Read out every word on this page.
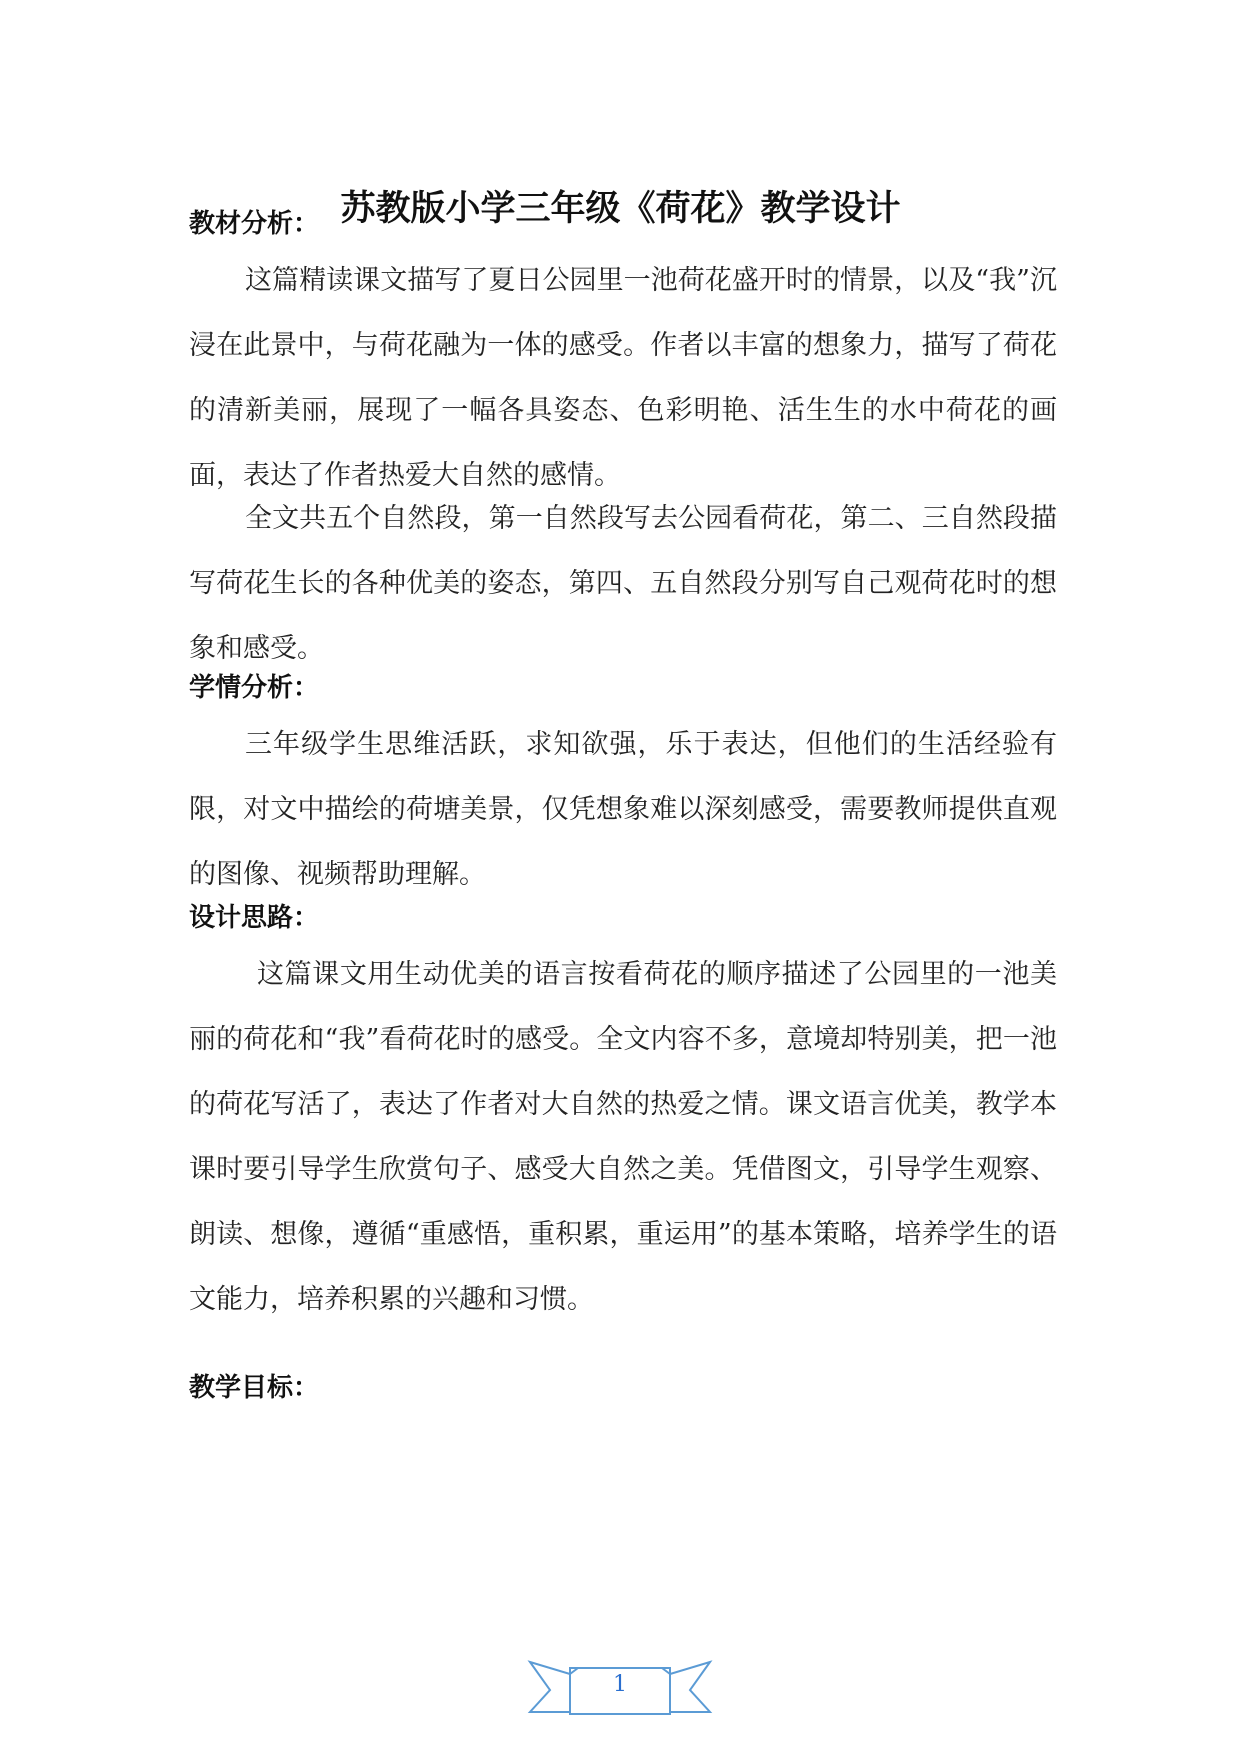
苏教版小学三年级《荷花》教学设计
教材分析：

这篇精读课文描写了夏日公园里一池荷花盛开时的情景，以及“我”沉浸在此景中，与荷花融为一体的感受。作者以丰富的想象力，描写了荷花的清新美丽，展现了一幅各具姿态、色彩明艳、活生生的水中荷花的画面，表达了作者热爱大自然的感情。

全文共五个自然段，第一自然段写去公园看荷花，第二、三自然段描写荷花生长的各种优美的姿态，第四、五自然段分别写自己观荷花时的想象和感受。

学情分析：

三年级学生思维活跃，求知欲强，乐于表达，但他们的生活经验有限，对文中描绘的荷塘美景，仅凭想象难以深刻感受，需要教师提供直观的图像、视频帮助理解。

设计思路：

这篇课文用生动优美的语言按看荷花的顺序描述了公园里的一池美丽的荷花和“我”看荷花时的感受。全文内容不多，意境却特别美，把一池的荷花写活了，表达了作者对大自然的热爱之情。课文语言优美，教学本课时要引导学生欣赏句子、感受大自然之美。凭借图文，引导学生观察、朗读、想像，遵循“重感悟，重积累，重运用”的基本策略，培养学生的语文能力，培养积累的兴趣和习惯。

教学目标：
1
